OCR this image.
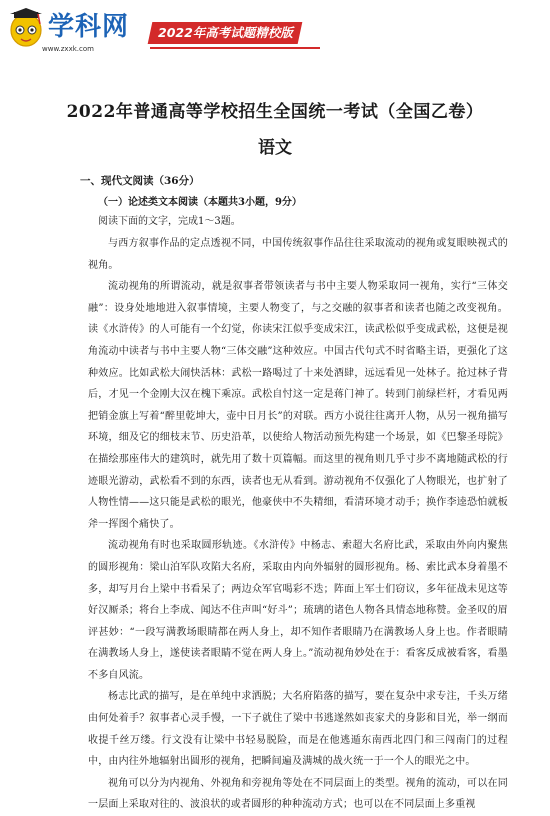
学科网
www.zxxk.com
2022年高考试题精校版
2022年普通高等学校招生全国统一考试（全国乙卷）
语文
一、现代文阅读（36分）
（一）论述类文本阅读（本题共3小题，9分）
阅读下面的文字，完成1～3题。

与西方叙事作品的定点透视不同，中国传统叙事作品往往采取流动的视角或复眼映视式的视角。

流动视角的所谓流动，就是叙事者带领读者与书中主要人物采取同一视角，实行“三体交融”：设身处地地进入叙事情境，主要人物变了，与之交融的叙事者和读者也随之改变视角。读《水浒传》的人可能有一个幻觉，你读宋江似乎变成宋江，读武松似乎变成武松，这便是视角流动中读者与书中主要人物“三体交融”这种效应。中国古代句式不时省略主语，更强化了这种效应。比如武松大闹快活林：武松一路喝过了十来处酒肆，远远看见一处林子。抢过林子背后，才见一个金刚大汉在槐下乘凉。武松自忖这一定是蒋门神了。转到门前绿栏杆，才看见两把销金旗上写着“醉里乾坤大，壶中日月长”的对联。西方小说往往离开人物，从另一视角描写环境，细及它的细枝末节、历史沿革，以使给人物活动预先构建一个场景，如《巴黎圣母院》在描绘那座伟大的建筑时，就先用了数十页篇幅。而这里的视角则几乎寸步不离地随武松的行迹眼光游动，武松看不到的东西，读者也无从看到。游动视角不仅强化了人物眼光，也扩射了人物性情——这只能是武松的眼光，他豪侠中不失精细，看清环境才动手；换作李逵恐怕就板斧一挥图个痛快了。

流动视角有时也采取圆形轨迹。《水浒传》中杨志、索超大名府比武，采取由外向内聚焦的圆形视角：梁山泊军队攻陷大名府，采取由内向外辐射的圆形视角。杨、索比武本身着墨不多，却写月台上梁中书看呆了；两边众军官喝彩不迭；阵面上军士们窃议，多年征战未见这等好汉厮杀；将台上李成、闻达不住声叫“好斗”；琉璃的诸色人物各具情态地称赞。金圣叹的眉评甚妙：“一段写满教场眼睛都在两人身上，却不知作者眼睛乃在满教场人身上也。作者眼睛在满教场人身上，遂使读者眼睛不觉在两人身上。”流动视角妙处在于：看客反成被看客，看墨不多自风流。

杨志比武的描写，是在单纯中求洒脱；大名府陷落的描写，要在复杂中求专注，千头万绪由何处着手？叙事者心灵手慢，一下子就住了梁中书逃遂然如丧家犬的身影和目光，举一纲而收提千丝万缕。行文没有让梁中书轻易脱险，而是在他逃遁东南西北四门和三闯南门的过程中，由内往外地辐射出圆形的视角，把瞬间遍及满城的战火统一于一个人的眼光之中。

视角可以分为内视角、外视角和旁视角等处在不同层面上的类型。视角的流动，可以在同一层面上采取对往的、波浪状的或者圆形的种种流动方式；也可以在不同层面上多重视
